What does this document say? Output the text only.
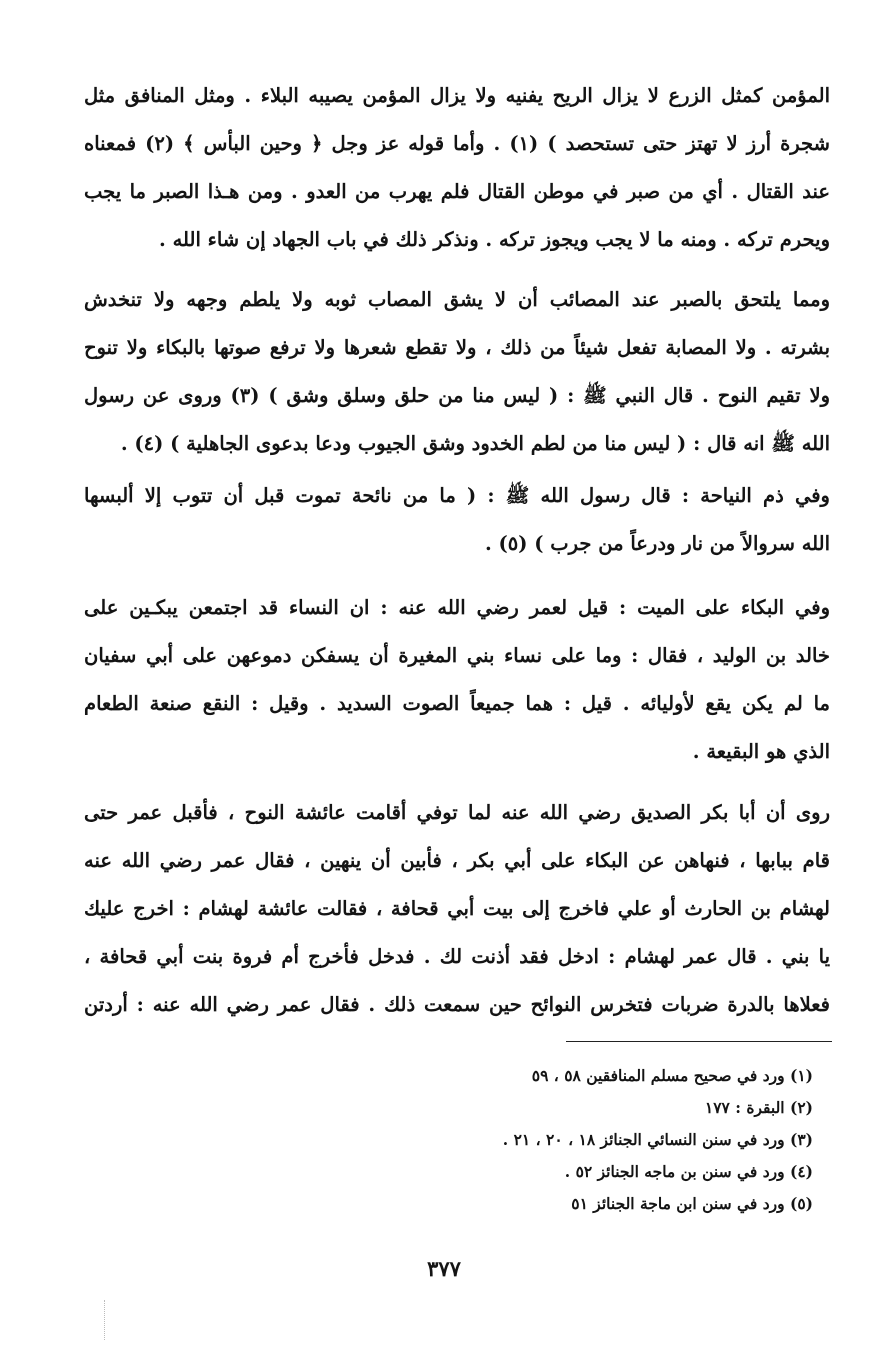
المؤمن كمثل الزرع لا يزال الريح يفنيه ولا يزال المؤمن يصيبه البلاء . ومثل المنافق مثل
شجرة أرز لا تهتز حتى تستحصد ) (١) . وأما قوله عز وجل ﴿ وحين البأس ﴾ (٢) فمعناه
عند القتال . أي من صبر في موطن القتال فلم يهرب من العدو . ومن هـذا الصبر ما يجب
ويحرم تركه . ومنه ما لا يجب ويجوز تركه . ونذكر ذلك في باب الجهاد إن شاء الله .
ومما يلتحق بالصبر عند المصائب أن لا يشق المصاب ثوبه ولا يلطم وجهه ولا تنخدش
بشرته . ولا المصابة تفعل شيئاً من ذلك ، ولا تقطع شعرها ولا ترفع صوتها بالبكاء ولا تنوح
ولا تقيم النوح . قال النبي ﷺ : ( ليس منا من حلق وسلق وشق ) (٣) وروى عن رسول
الله ﷺ انه قال : ( ليس منا من لطم الخدود وشق الجيوب ودعا بدعوى الجاهلية ) (٤) .
وفي ذم النياحة : قال رسول الله ﷺ : ( ما من نائحة تموت قبل أن تتوب إلا ألبسها
الله سروالاً من نار ودرعاً من جرب ) (٥) .
وفي البكاء على الميت : قيل لعمر رضي الله عنه : ان النساء قد اجتمعن يبكـين على
خالد بن الوليد ، فقال : وما على نساء بني المغيرة أن يسفكن دموعهن على أبي سفيان
ما لم يكن يقع لأوليائه . قيل : هما جميعاً الصوت السديد . وقيل : النقع صنعة الطعام
الذي هو البقيعة .
روى أن أبا بكر الصديق رضي الله عنه لما توفي أقامت عائشة النوح ، فأقبل عمر حتى
قام ببابها ، فنهاهن عن البكاء على أبي بكر ، فأبين أن ينهين ، فقال عمر رضي الله عنه
لهشام بن الحارث أو علي فاخرج إلى بيت أبي قحافة ، فقالت عائشة لهشام : اخرج عليك
يا بني . قال عمر لهشام : ادخل فقد أذنت لك . فدخل فأخرج أم فروة بنت أبي قحافة ،
فعلاها بالدرة ضربات فتخرس النوائح حين سمعت ذلك . فقال عمر رضي الله عنه : أردتن
(١) ورد في صحيح مسلم المنافقين ٥٨ ، ٥٩
(٢) البقرة : ١٧٧
(٣) ورد في سنن النسائي الجنائز ١٨ ، ٢٠ ، ٢١ .
(٤) ورد في سنن بن ماجه الجنائز ٥٢ .
(٥) ورد في سنن ابن ماجة الجنائز ٥١
٣٧٧
